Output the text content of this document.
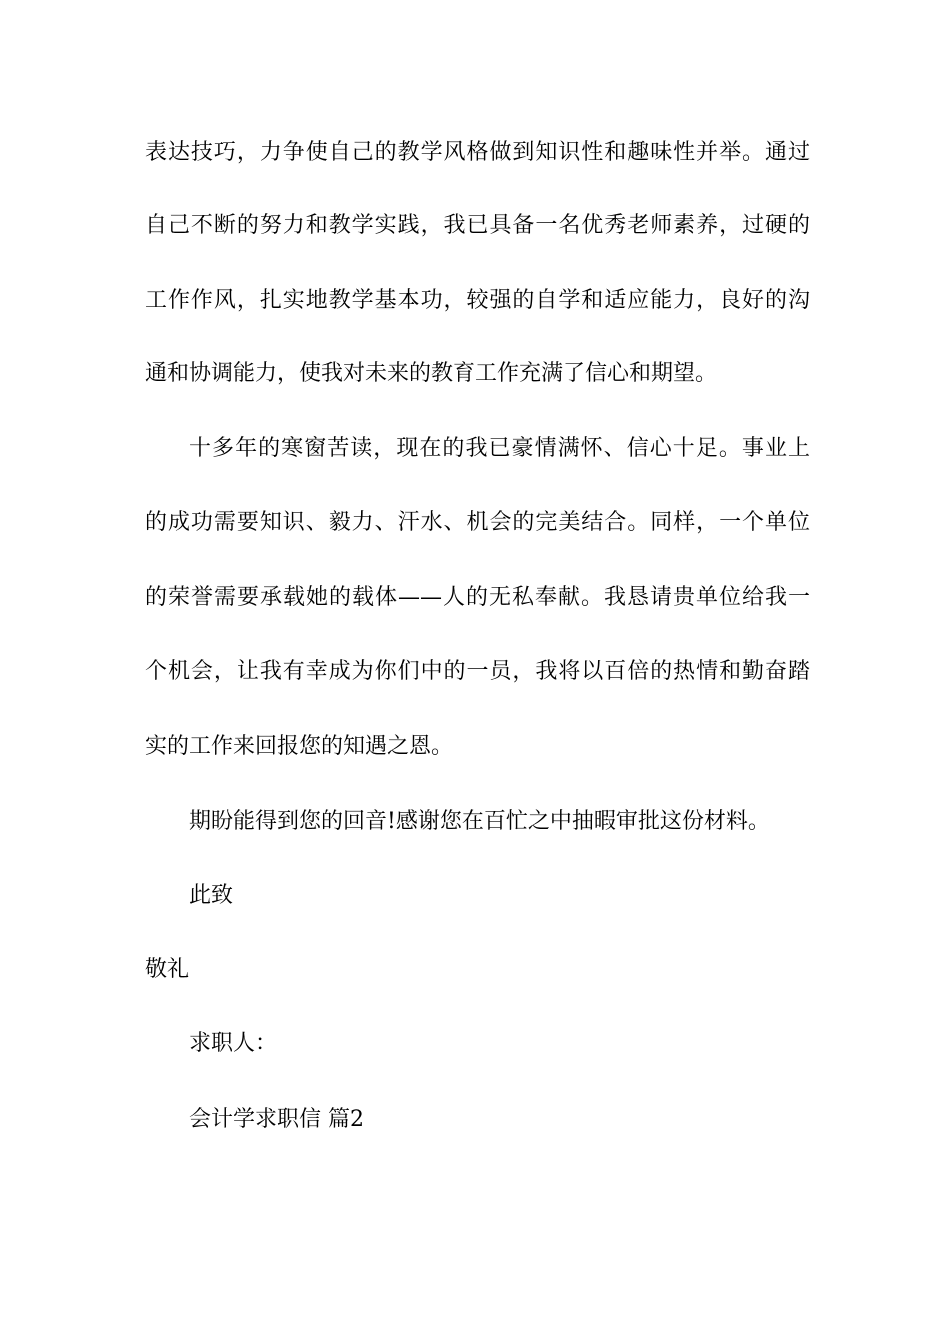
表达技巧，力争使自己的教学风格做到知识性和趣味性并举。通过
自己不断的努力和教学实践，我已具备一名优秀老师素养，过硬的
工作作风，扎实地教学基本功，较强的自学和适应能力，良好的沟
通和协调能力，使我对未来的教育工作充满了信心和期望。
十多年的寒窗苦读，现在的我已豪情满怀、信心十足。事业上
的成功需要知识、毅力、汗水、机会的完美结合。同样，一个单位
的荣誉需要承载她的载体——人的无私奉献。我恳请贵单位给我一
个机会，让我有幸成为你们中的一员，我将以百倍的热情和勤奋踏
实的工作来回报您的知遇之恩。
期盼能得到您的回音!感谢您在百忙之中抽暇审批这份材料。
此致
敬礼
求职人：
会计学求职信 篇2
